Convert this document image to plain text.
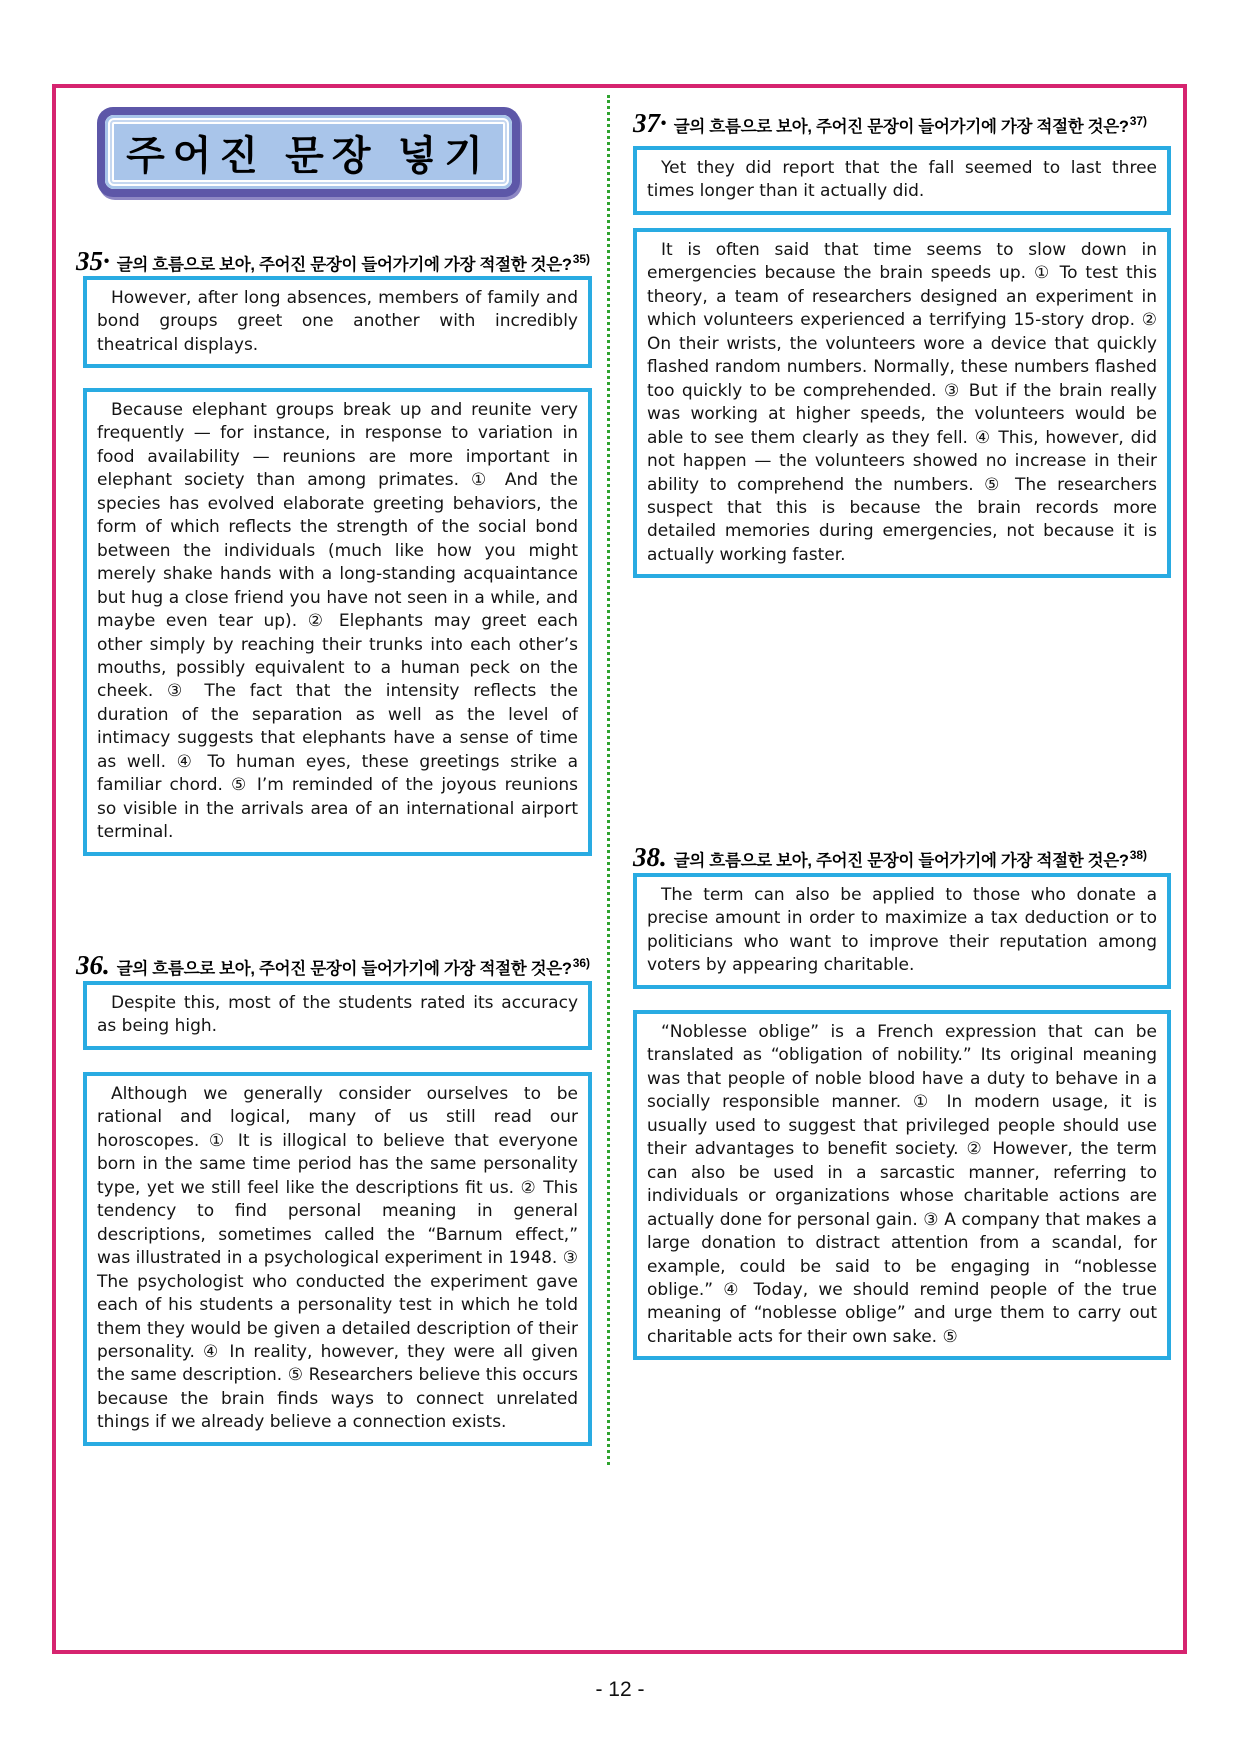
주어진 문장 넣기
35· 글의 흐름으로 보아, 주어진 문장이 들어가기에 가장 적절한 것은?$^{35)}$

However, after long absences, members of family and bond groups greet one another with incredibly theatrical displays.

Because elephant groups break up and reunite very frequently — for instance, in response to variation in food availability — reunions are more important in elephant society than among primates. ① And the species has evolved elaborate greeting behaviors, the form of which reflects the strength of the social bond between the individuals (much like how you might merely shake hands with a long-standing acquaintance but hug a close friend you have not seen in a while, and maybe even tear up). ② Elephants may greet each other simply by reaching their trunks into each other’s mouths, possibly equivalent to a human peck on the cheek. ③ The fact that the intensity reflects the duration of the separation as well as the level of intimacy suggests that elephants have a sense of time as well. ④ To human eyes, these greetings strike a familiar chord. ⑤ I’m reminded of the joyous reunions so visible in the arrivals area of an international airport terminal.

36. 글의 흐름으로 보아, 주어진 문장이 들어가기에 가장 적절한 것은?$^{36)}$

Despite this, most of the students rated its accuracy as being high.

Although we generally consider ourselves to be rational and logical, many of us still read our horoscopes. ① It is illogical to believe that everyone born in the same time period has the same personality type, yet we still feel like the descriptions fit us. ② This tendency to find personal meaning in general descriptions, sometimes called the “Barnum effect,” was illustrated in a psychological experiment in 1948. ③ The psychologist who conducted the experiment gave each of his students a personality test in which he told them they would be given a detailed description of their personality. ④ In reality, however, they were all given the same description. ⑤ Researchers believe this occurs because the brain finds ways to connect unrelated things if we already believe a connection exists.

37· 글의 흐름으로 보아, 주어진 문장이 들어가기에 가장 적절한 것은?$^{37)}$

Yet they did report that the fall seemed to last three times longer than it actually did.

It is often said that time seems to slow down in emergencies because the brain speeds up. ① To test this theory, a team of researchers designed an experiment in which volunteers experienced a terrifying 15-story drop. ② On their wrists, the volunteers wore a device that quickly flashed random numbers. Normally, these numbers flashed too quickly to be comprehended. ③ But if the brain really was working at higher speeds, the volunteers would be able to see them clearly as they fell. ④ This, however, did not happen — the volunteers showed no increase in their ability to comprehend the numbers. ⑤ The researchers suspect that this is because the brain records more detailed memories during emergencies, not because it is actually working faster.

38. 글의 흐름으로 보아, 주어진 문장이 들어가기에 가장 적절한 것은?$^{38)}$

The term can also be applied to those who donate a precise amount in order to maximize a tax deduction or to politicians who want to improve their reputation among voters by appearing charitable.

“Noblesse oblige” is a French expression that can be translated as “obligation of nobility.” Its original meaning was that people of noble blood have a duty to behave in a socially responsible manner. ① In modern usage, it is usually used to suggest that privileged people should use their advantages to benefit society. ② However, the term can also be used in a sarcastic manner, referring to individuals or organizations whose charitable actions are actually done for personal gain. ③ A company that makes a large donation to distract attention from a scandal, for example, could be said to be engaging in “noblesse oblige.” ④ Today, we should remind people of the true meaning of “noblesse oblige” and urge them to carry out charitable acts for their own sake. ⑤

- 12 -
